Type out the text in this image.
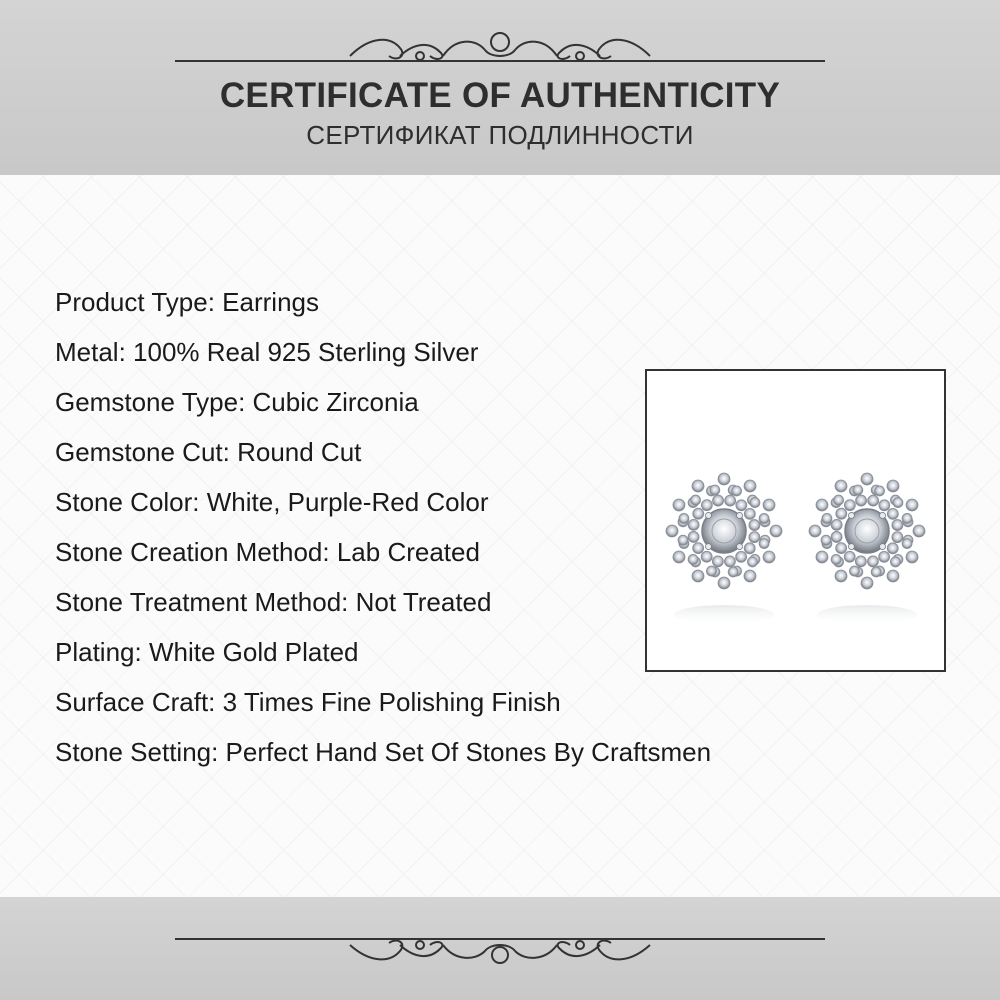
CERTIFICATE OF AUTHENTICITY
СЕРТИФИКАТ ПОДЛИННОСТИ
Product Type: Earrings
Metal: 100% Real 925 Sterling Silver
Gemstone Type: Cubic Zirconia
Gemstone Cut: Round Cut
Stone Color: White, Purple-Red Color
Stone Creation Method: Lab Created
Stone Treatment Method: Not Treated
Plating: White Gold Plated
Surface Craft: 3 Times Fine Polishing Finish
Stone Setting: Perfect Hand Set Of Stones By Craftsmen
